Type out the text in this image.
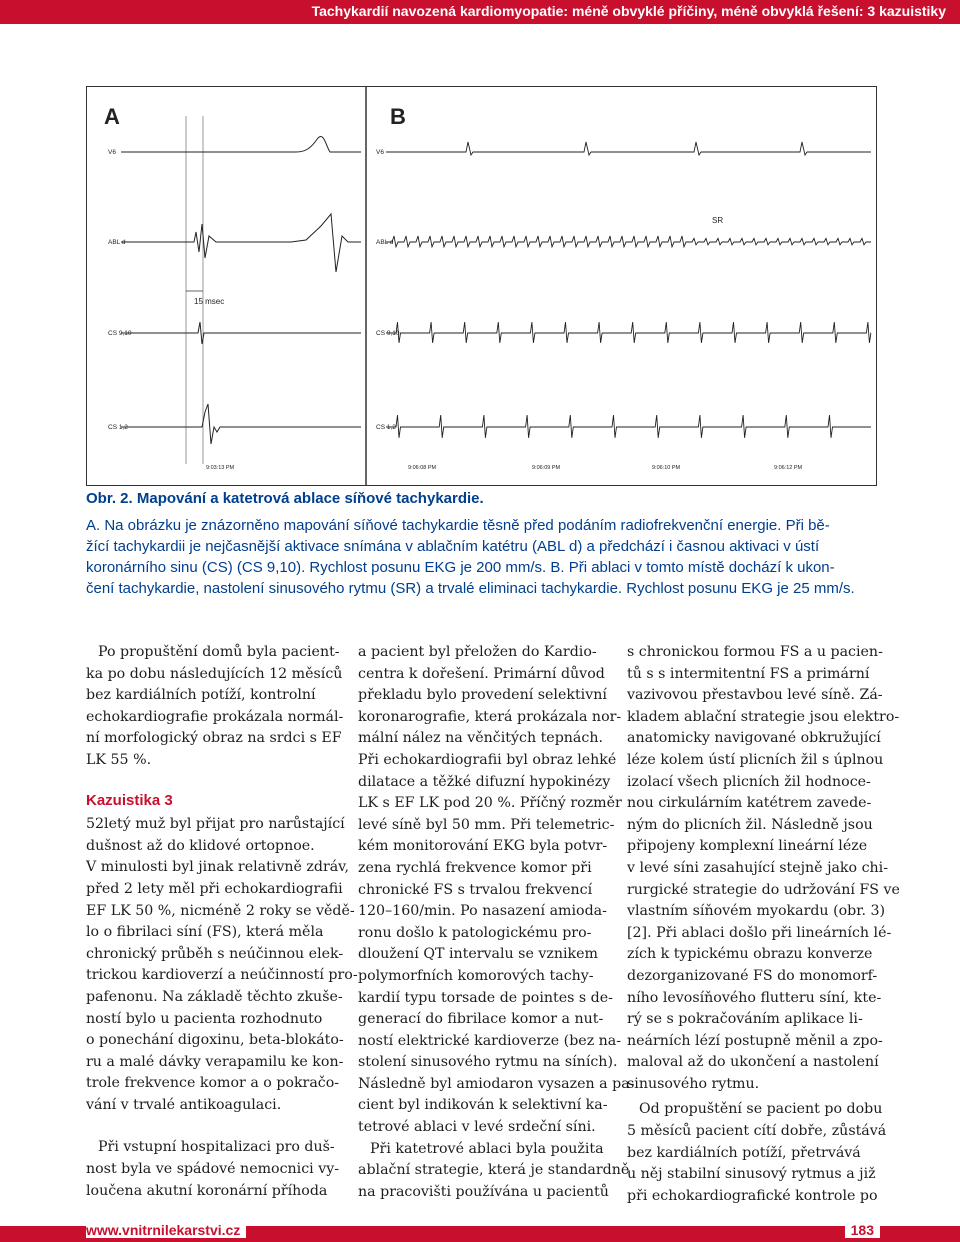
Tachykardií navozená kardiomyopatie: méně obvyklé příčiny, méně obvyklá řešení: 3 kazuistiky
A	B
V6
ABL d
CS 9,10
CS 1,2
V6
ABL d
CS 9,10
CS 1,2
15 msec
9:03:13 PM
SR
9:06:08 PM	9:06:09 PM	9:06:10 PM	9:06:12 PM
Obr. 2. Mapování a katetrová ablace síňové tachykardie.

A. Na obrázku je znázorněno mapování síňové tachykardie těsně před podáním radiofrekvenční energie. Při bě-
žící tachykardii je nejčasnější aktivace snímána v ablačním katétru (ABL d) a předchází i časnou aktivaci v ústí
koronárního sinu (CS) (CS 9,10). Rychlost posunu EKG je 200 mm/s. B. Při ablaci v tomto místě dochází k ukon-
čení tachykardie, nastolení sinusového rytmu (SR) a trvalé eliminaci tachykardie. Rychlost posunu EKG je 25 mm/s.

Po propuštění domů byla pacient-
ka po dobu následujících 12 měsíců
bez kardiálních potíží, kontrolní
echokardiografie prokázala normál-
ní morfologický obraz na srdci s EF
LK 55 %.

Kazuistika 3

52letý muž byl přijat pro narůstající
dušnost až do klidové ortopnoe.
V minulosti byl jinak relativně zdráv,
před 2 lety měl při echokardiografii
EF LK 50 %, nicméně 2 roky se vědě-
lo o fibrilaci síní (FS), která měla
chronický průběh s neúčinnou elek-
trickou kardioverzí a neúčinností pro-
pafenonu. Na základě těchto zkuše-
ností bylo u pacienta rozhodnuto
o ponechání digoxinu, beta-blokáto-
ru a malé dávky verapamilu ke kon-
trole frekvence komor a o pokračo-
vání v trvalé antikoagulaci.

Při vstupní hospitalizaci pro duš-
nost byla ve spádové nemocnici vy-
loučena akutní koronární příhoda

a pacient byl přeložen do Kardio-
centra k dořešení. Primární důvod
překladu bylo provedení selektivní
koronarografie, která prokázala nor-
mální nález na věnčitých tepnách.
Při echokardiografii byl obraz lehké
dilatace a těžké difuzní hypokinézy
LK s EF LK pod 20 %. Příčný rozměr
levé síně byl 50 mm. Při telemetric-
kém monitorování EKG byla potvr-
zena rychlá frekvence komor při
chronické FS s trvalou frekvencí
120–160/min. Po nasazení amioda-
ronu došlo k patologickému pro-
dloužení QT intervalu se vznikem
polymorfních komorových tachy-
kardií typu torsade de pointes s de-
generací do fibrilace komor a nut-
ností elektrické kardioverze (bez na-
stolení sinusového rytmu na síních).
Následně byl amiodaron vysazen a pa-
cient byl indikován k selektivní ka-
tetrové ablaci v levé srdeční síni.

Při katetrové ablaci byla použita
ablační strategie, která je standardně
na pracovišti používána u pacientů

s chronickou formou FS a u pacien-
tů s s intermitentní FS a primární
vazivovou přestavbou levé síně. Zá-
kladem ablační strategie jsou elektro-
anatomicky navigované obkružující
léze kolem ústí plicních žil s úplnou
izolací všech plicních žil hodnoce-
nou cirkulárním katétrem zavede-
ným do plicních žil. Následně jsou
připojeny komplexní lineární léze
v levé síni zasahující stejně jako chi-
rurgické strategie do udržování FS ve
vlastním síňovém myokardu (obr. 3)
[2]. Při ablaci došlo při lineárních lé-
zích k typickému obrazu konverze
dezorganizované FS do monomorf-
ního levosíňového flutteru síní, kte-
rý se s pokračováním aplikace li-
neárních lézí postupně měnil a zpo-
maloval až do ukončení a nastolení
sinusového rytmu.

Od propuštění se pacient po dobu
5 měsíců pacient cítí dobře, zůstává
bez kardiálních potíží, přetrvává
u něj stabilní sinusový rytmus a již
při echokardiografické kontrole po

www.vnitrnilekarstvi.cz	183
